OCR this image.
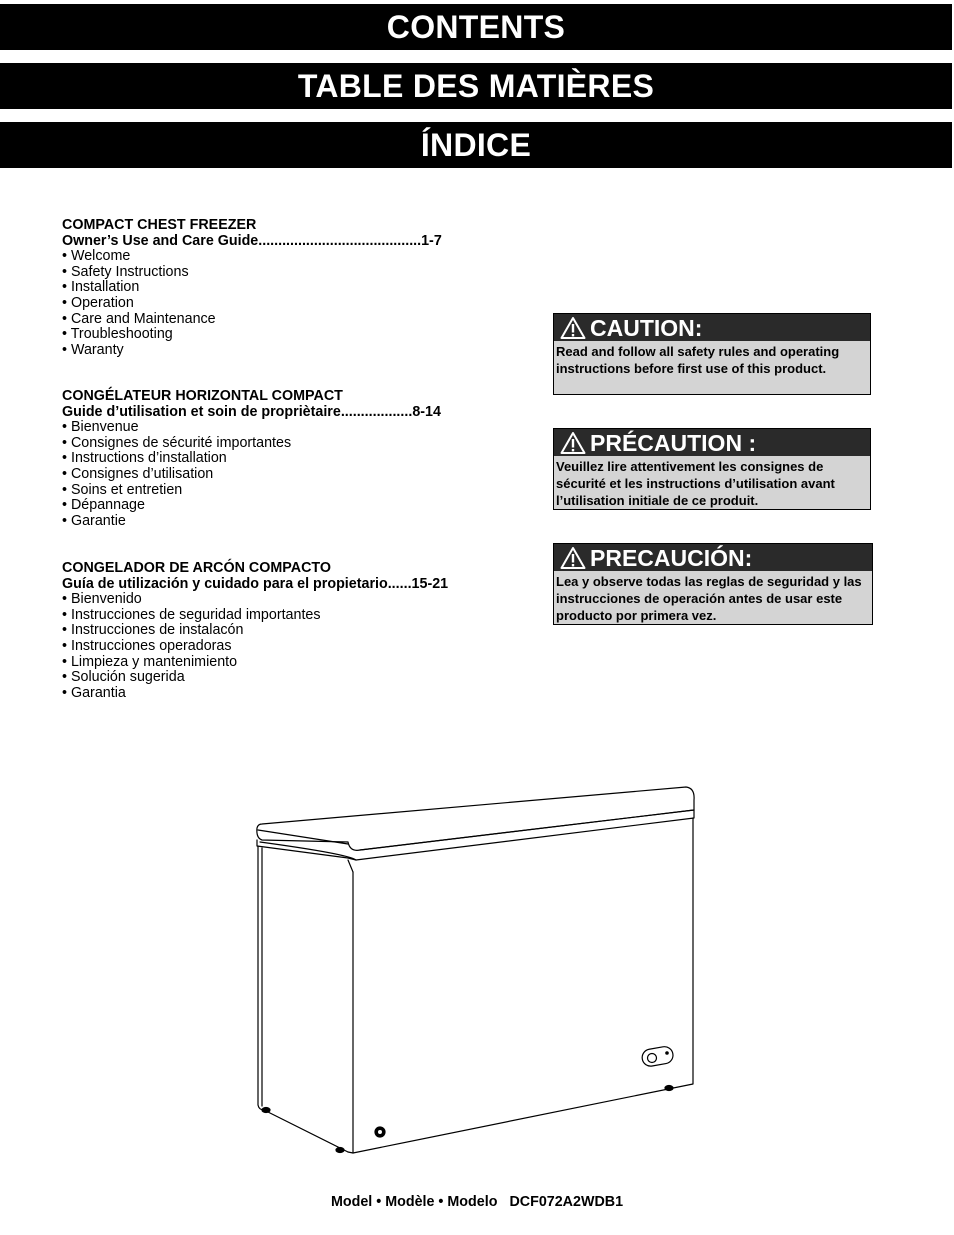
CONTENTS
TABLE DES MATIÈRES
ÍNDICE
COMPACT CHEST FREEZER
Owner’s Use and Care Guide.........................................1-7
• Welcome
• Safety Instructions
• Installation
• Operation
• Care and Maintenance
• Troubleshooting
• Waranty
CONGÉLATEUR HORIZONTAL COMPACT
Guide d’utilisation et soin de propriètaire..................8-14
• Bienvenue
• Consignes de sécurité importantes
• Instructions d’installation
• Consignes d’utilisation
• Soins et entretien
• Dépannage
• Garantie
CONGELADOR DE ARCÓN COMPACTO
Guía de utilización y cuidado para el propietario......15-21
• Bienvenido
• Instrucciones de seguridad importantes
• Instrucciones de instalacón
• Instrucciones operadoras
• Limpieza y mantenimiento
• Solución sugerida
• Garantia
CAUTION:
Read and follow all safety rules and operating instructions before first use of this product.
PRÉCAUTION :
Veuillez lire attentivement les consignes de sécurité et les instructions d’utilisation avant l’utilisation initiale de ce produit.
PRECAUCIÓN:
Lea y observe todas las reglas de seguridad y las instrucciones de operación antes de usar este producto por primera vez.
Model • Modèle • Modelo DCF072A2WDB1
